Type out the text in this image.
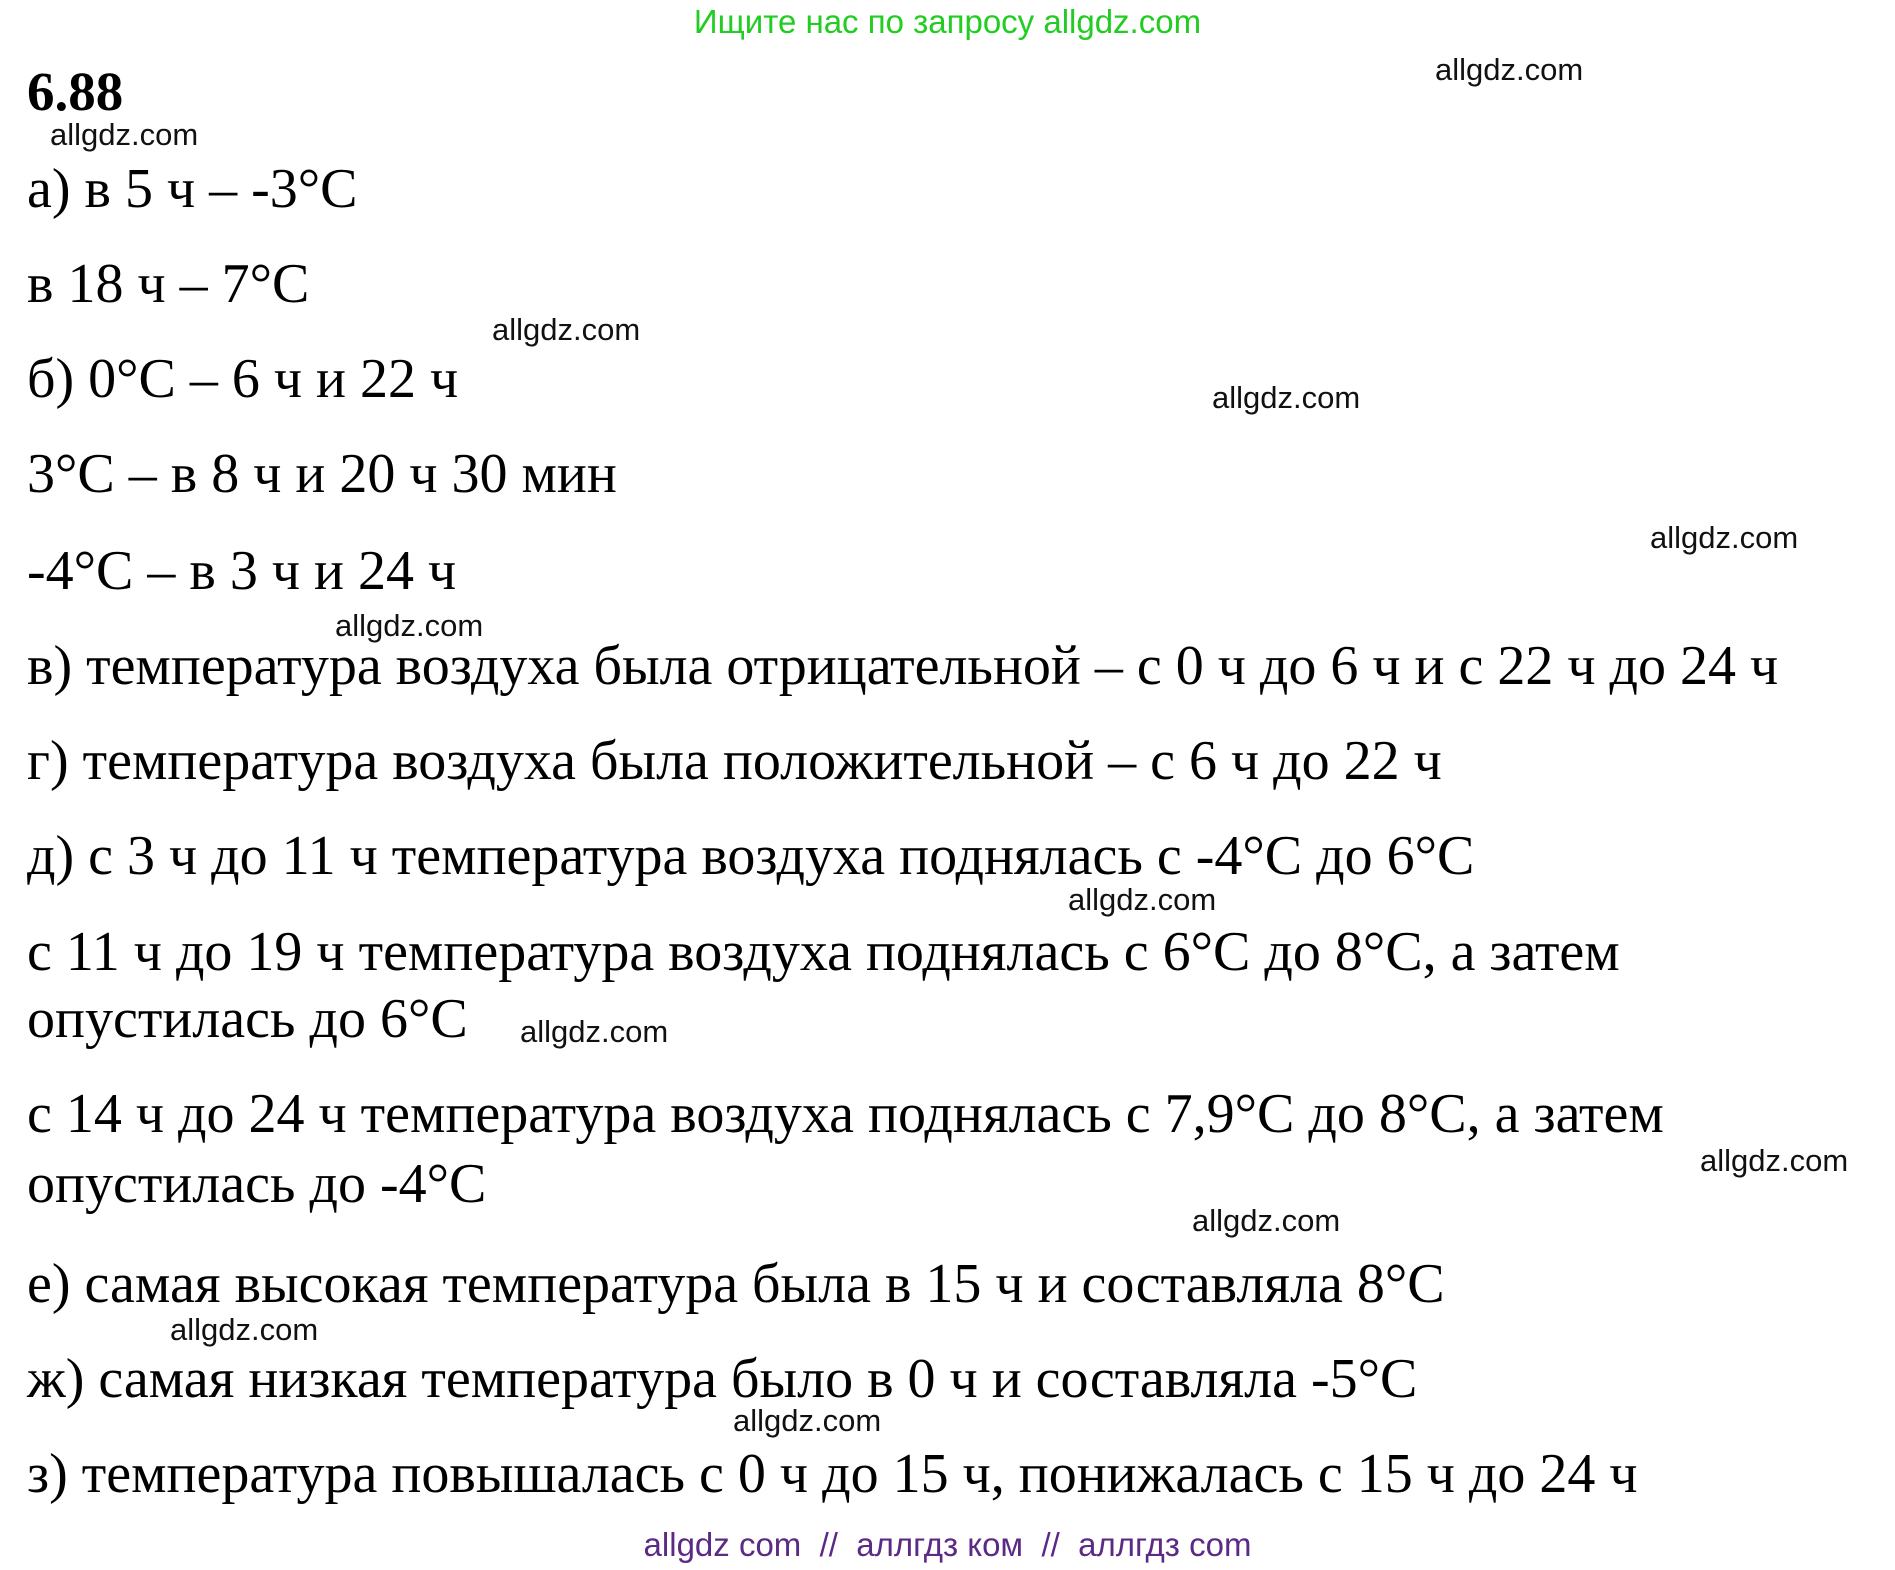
Ищите нас по запросу allgdz.com
6.88
а) в 5 ч – -3°С
в 18 ч – 7°С
б) 0°С – 6 ч и 22 ч
3°С – в 8 ч и 20 ч 30 мин
-4°С – в 3 ч и 24 ч
в) температура воздуха была отрицательной – с 0 ч до 6 ч и с 22 ч до 24 ч
г) температура воздуха была положительной – с 6 ч до 22 ч
д) с 3 ч до 11 ч температура воздуха поднялась с -4°С до 6°С
с 11 ч до 19 ч температура воздуха поднялась с 6°С до 8°С, а затем
опустилась до 6°С
с 14 ч до 24 ч температура воздуха поднялась с 7,9°С до 8°С, а затем
опустилась до -4°С
е) самая высокая температура была в 15 ч и составляла 8°С
ж) самая низкая температура было в 0 ч и составляла -5°С
з) температура повышалась с 0 ч до 15 ч, понижалась с 15 ч до 24 ч
allgdz.com
allgdz.com
allgdz.com
allgdz.com
allgdz.com
allgdz.com
allgdz.com
allgdz.com
allgdz.com
allgdz.com
allgdz.com
allgdz.com
allgdz com  //  аллгдз ком  //  аллгдз com
